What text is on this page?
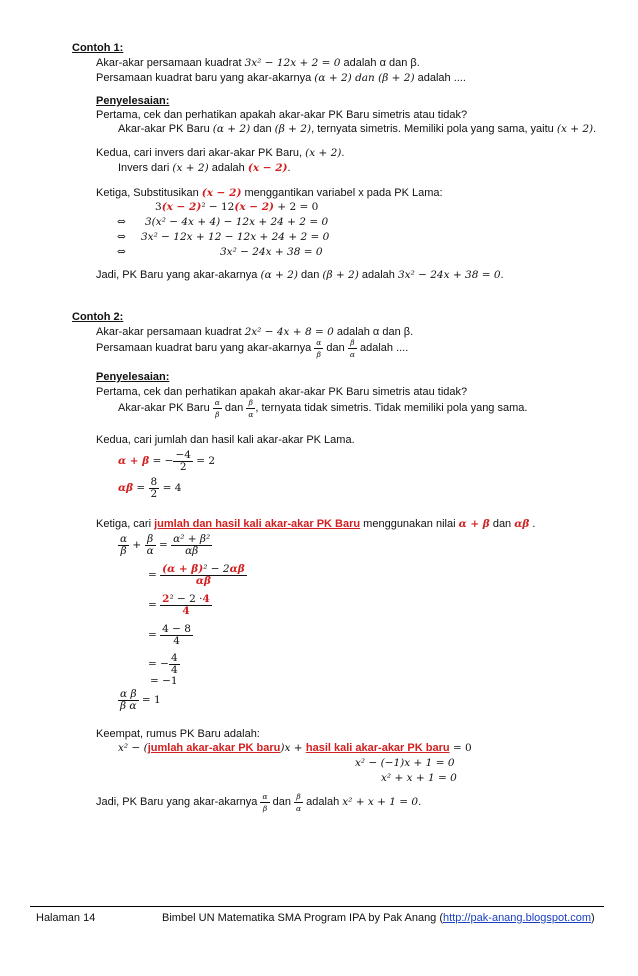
Contoh 1:
Akar-akar persamaan kuadrat 3x² − 12x + 2 = 0 adalah α dan β.
Persamaan kuadrat baru yang akar-akarnya (α + 2) dan (β + 2) adalah ....
Penyelesaian:
Pertama, cek dan perhatikan apakah akar-akar PK Baru simetris atau tidak?
Akar-akar PK Baru (α + 2) dan (β + 2), ternyata simetris. Memiliki pola yang sama, yaitu (x + 2).
Kedua, cari invers dari akar-akar PK Baru, (x + 2).
Invers dari (x + 2) adalah (x − 2).
Ketiga, Substitusikan (x − 2) menggantikan variabel x pada PK Lama:
3(x − 2)² − 12(x − 2) + 2 = 0
⇔ 3(x² − 4x + 4) − 12x + 24 + 2 = 0
⇔ 3x² − 12x + 12 − 12x + 24 + 2 = 0
⇔	3x² − 24x + 38 = 0
Jadi, PK Baru yang akar-akarnya (α + 2) dan (β + 2) adalah 3x² − 24x + 38 = 0.
Contoh 2:
Akar-akar persamaan kuadrat 2x² − 4x + 8 = 0 adalah α dan β.
Persamaan kuadrat baru yang akar-akarnya $\frac{\alpha}{\beta}$ dan $\frac{\beta}{\alpha}$ adalah ....
Penyelesaian:
Pertama, cek dan perhatikan apakah akar-akar PK Baru simetris atau tidak?
Akar-akar PK Baru $\frac{\alpha}{\beta}$ dan $\frac{\beta}{\alpha}$ , ternyata tidak simetris. Tidak memiliki pola yang sama.
Kedua, cari jumlah dan hasil kali akar-akar PK Lama.
α + β = − $\frac{-4}{2} = 2$
$\alpha\beta = \frac{8}{2} = 4$
Ketiga, cari jumlah dan hasil kali akar-akar PK Baru menggunakan nilai α + β dan αβ .
$\frac{\alpha}{\beta} + \frac{\beta}{\alpha} = \frac{\text{α² + β²}}{\alpha\beta}$
= $\frac{\text{(α + β)² − 2αβ}}{\alpha\beta}$
= $\frac{\text{2² − 2 ·4}}{4}$
= $\frac{4 - 8}{4}$
= − $\frac{4}{4}$
= −1
$\frac{\text{α β}}{\text{β α}} = 1$
Keempat, rumus PK Baru adalah:
x² − (jumlah akar-akar PK baru)x + hasil kali akar-akar PK baru = 0
x² − (−1)x + 1 = 0
x² + x + 1 = 0
Jadi, PK Baru yang akar-akarnya $\frac{\alpha}{\beta}$ dan $\frac{\beta}{\alpha}$ adalah x² + x + 1 = 0.
Halaman 14	Bimbel UN Matematika SMA Program IPA by Pak Anang (http://pak-anang.blogspot.com)
